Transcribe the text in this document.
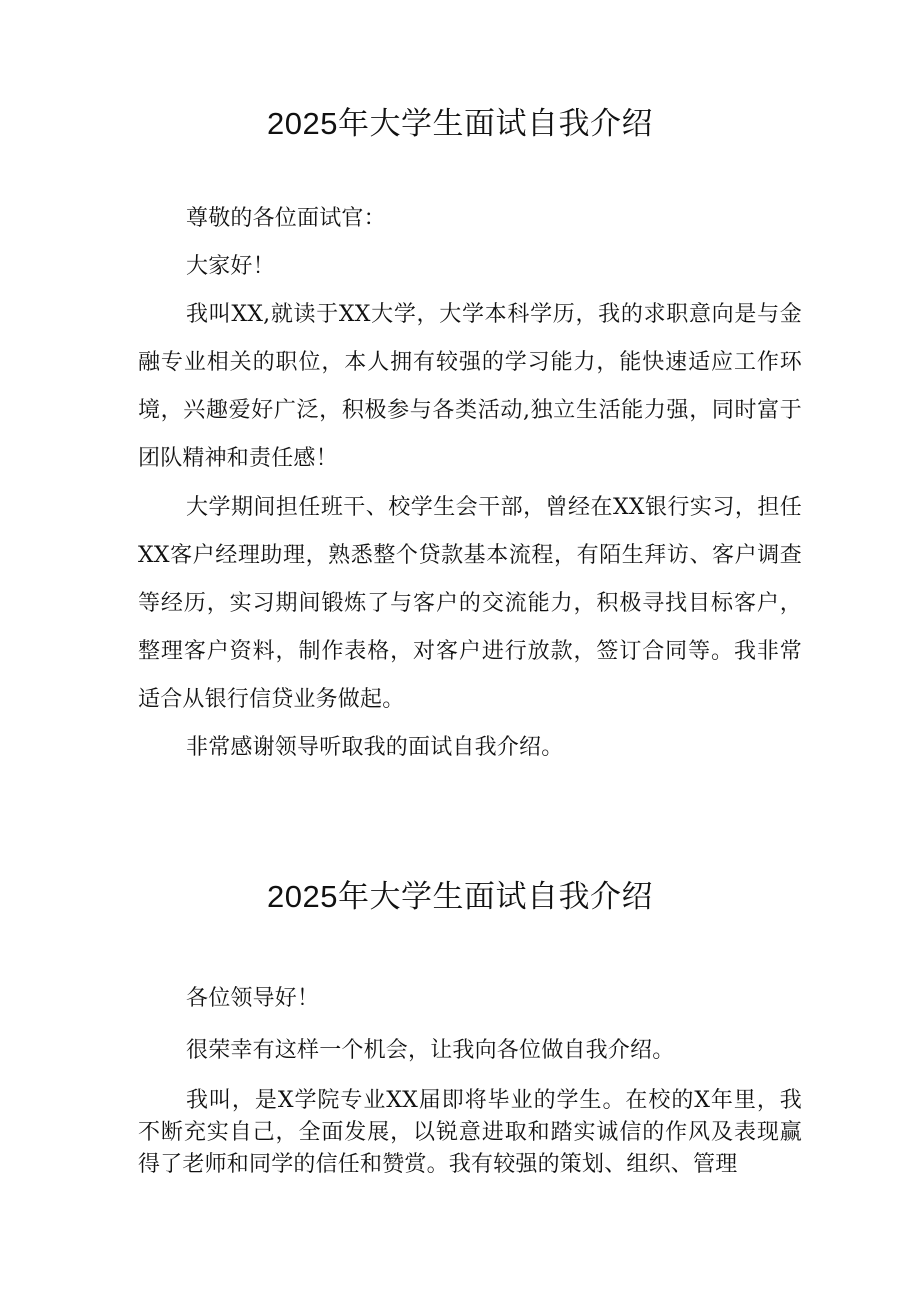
2025年大学生面试自我介绍

尊敬的各位面试官：

大家好！

我叫XX,就读于XX大学，大学本科学历，我的求职意向是与金融专业相关的职位，本人拥有较强的学习能力，能快速适应工作环境，兴趣爱好广泛，积极参与各类活动,独立生活能力强，同时富于团队精神和责任感！

大学期间担任班干、校学生会干部，曾经在XX银行实习，担任XX客户经理助理，熟悉整个贷款基本流程，有陌生拜访、客户调查等经历，实习期间锻炼了与客户的交流能力，积极寻找目标客户，整理客户资料，制作表格，对客户进行放款，签订合同等。我非常适合从银行信贷业务做起。

非常感谢领导听取我的面试自我介绍。

2025年大学生面试自我介绍

各位领导好！

很荣幸有这样一个机会，让我向各位做自我介绍。

我叫，是X学院专业XX届即将毕业的学生。在校的X年里，我不断充实自己，全面发展，以锐意进取和踏实诚信的作风及表现赢得了老师和同学的信任和赞赏。我有较强的策划、组织、管理
